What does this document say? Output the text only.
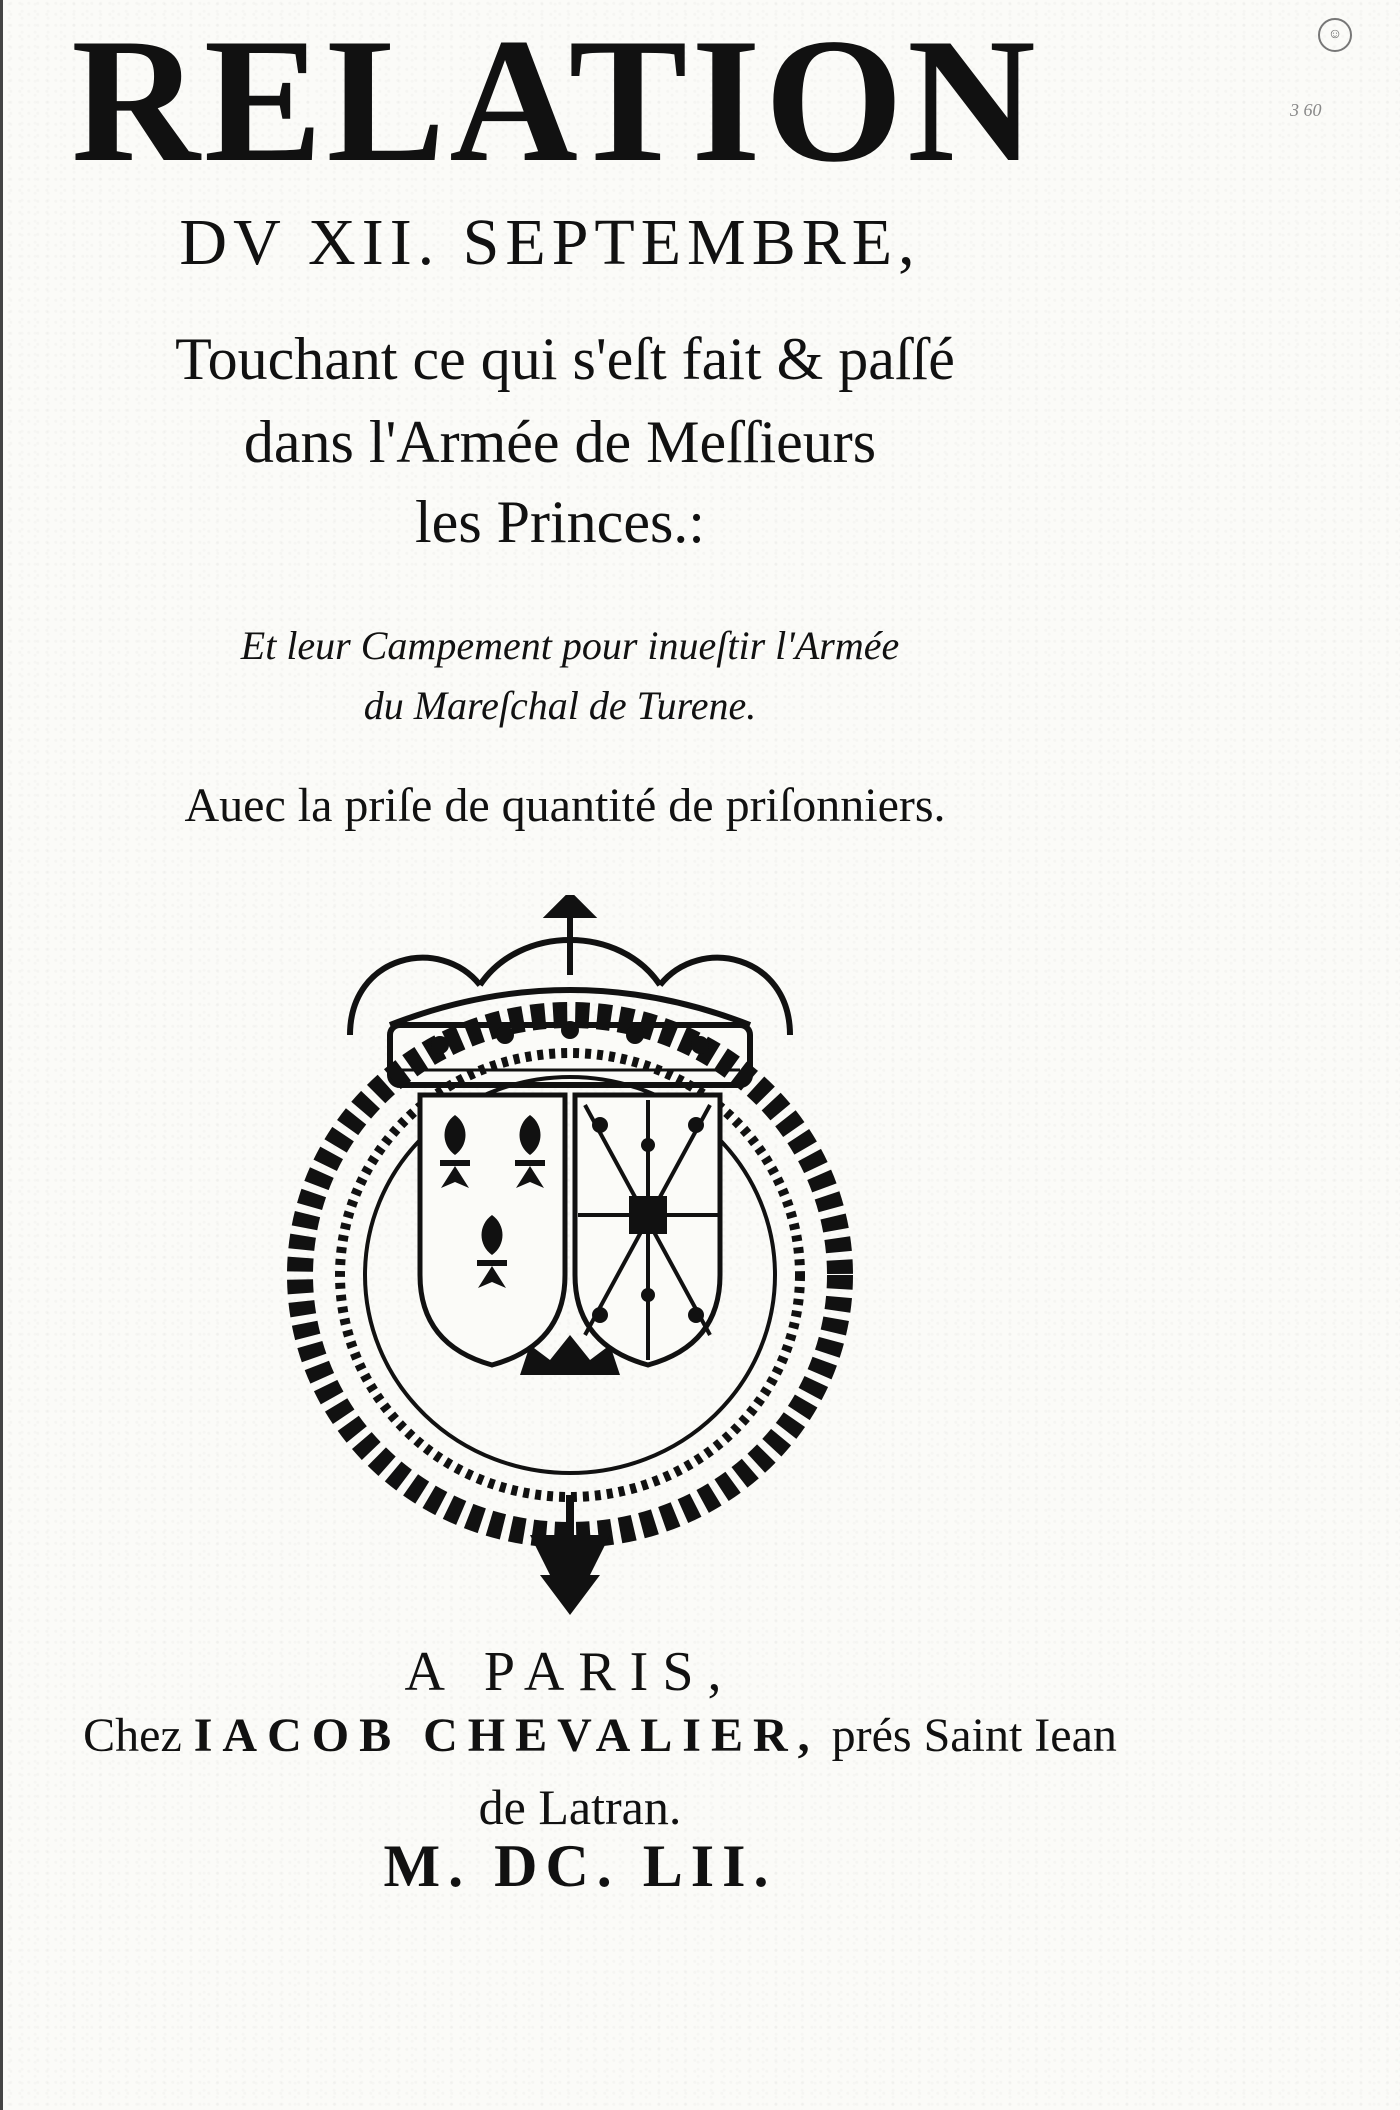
☺
3 60
RELATION
DV XII. SEPTEMBRE,
Touchant ce qui s'eſt fait & paſſé
dans l'Armée de Meſſieurs
les Princes.:
Et leur Campement pour inueſtir l'Armée
du Mareſchal de Turene.
Auec la priſe de quantité de priſonniers.
A PARIS,
Chez IACOB CHEVALIER, prés Saint Iean
de Latran.
M. DC. LII.
